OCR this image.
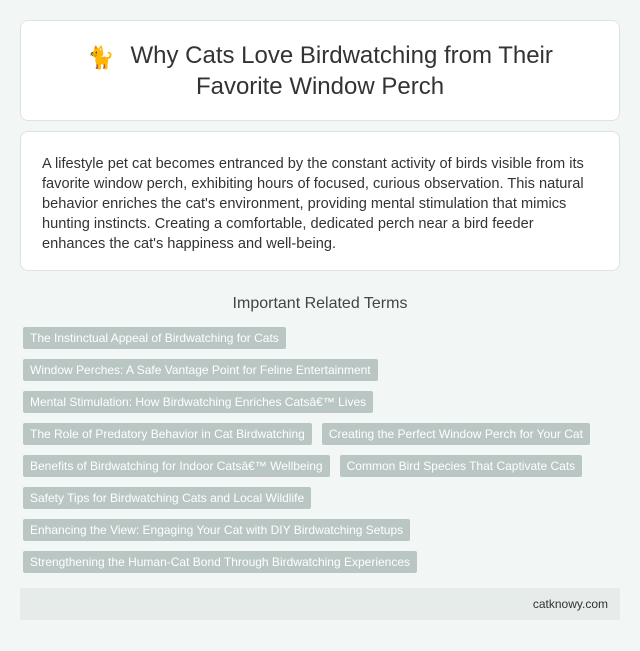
🐈 Why Cats Love Birdwatching from Their Favorite Window Perch

A lifestyle pet cat becomes entranced by the constant activity of birds visible from its favorite window perch, exhibiting hours of focused, curious observation. This natural behavior enriches the cat's environment, providing mental stimulation that mimics hunting instincts. Creating a comfortable, dedicated perch near a bird feeder enhances the cat's happiness and well-being.

Important Related Terms
The Instinctual Appeal of Birdwatching for Cats
Window Perches: A Safe Vantage Point for Feline Entertainment
Mental Stimulation: How Birdwatching Enriches Catsâ€™ Lives
The Role of Predatory Behavior in Cat Birdwatching	Creating the Perfect Window Perch for Your Cat
Benefits of Birdwatching for Indoor Catsâ€™ Wellbeing	Common Bird Species That Captivate Cats
Safety Tips for Birdwatching Cats and Local Wildlife
Enhancing the View: Engaging Your Cat with DIY Birdwatching Setups
Strengthening the Human-Cat Bond Through Birdwatching Experiences
catknowy.com
